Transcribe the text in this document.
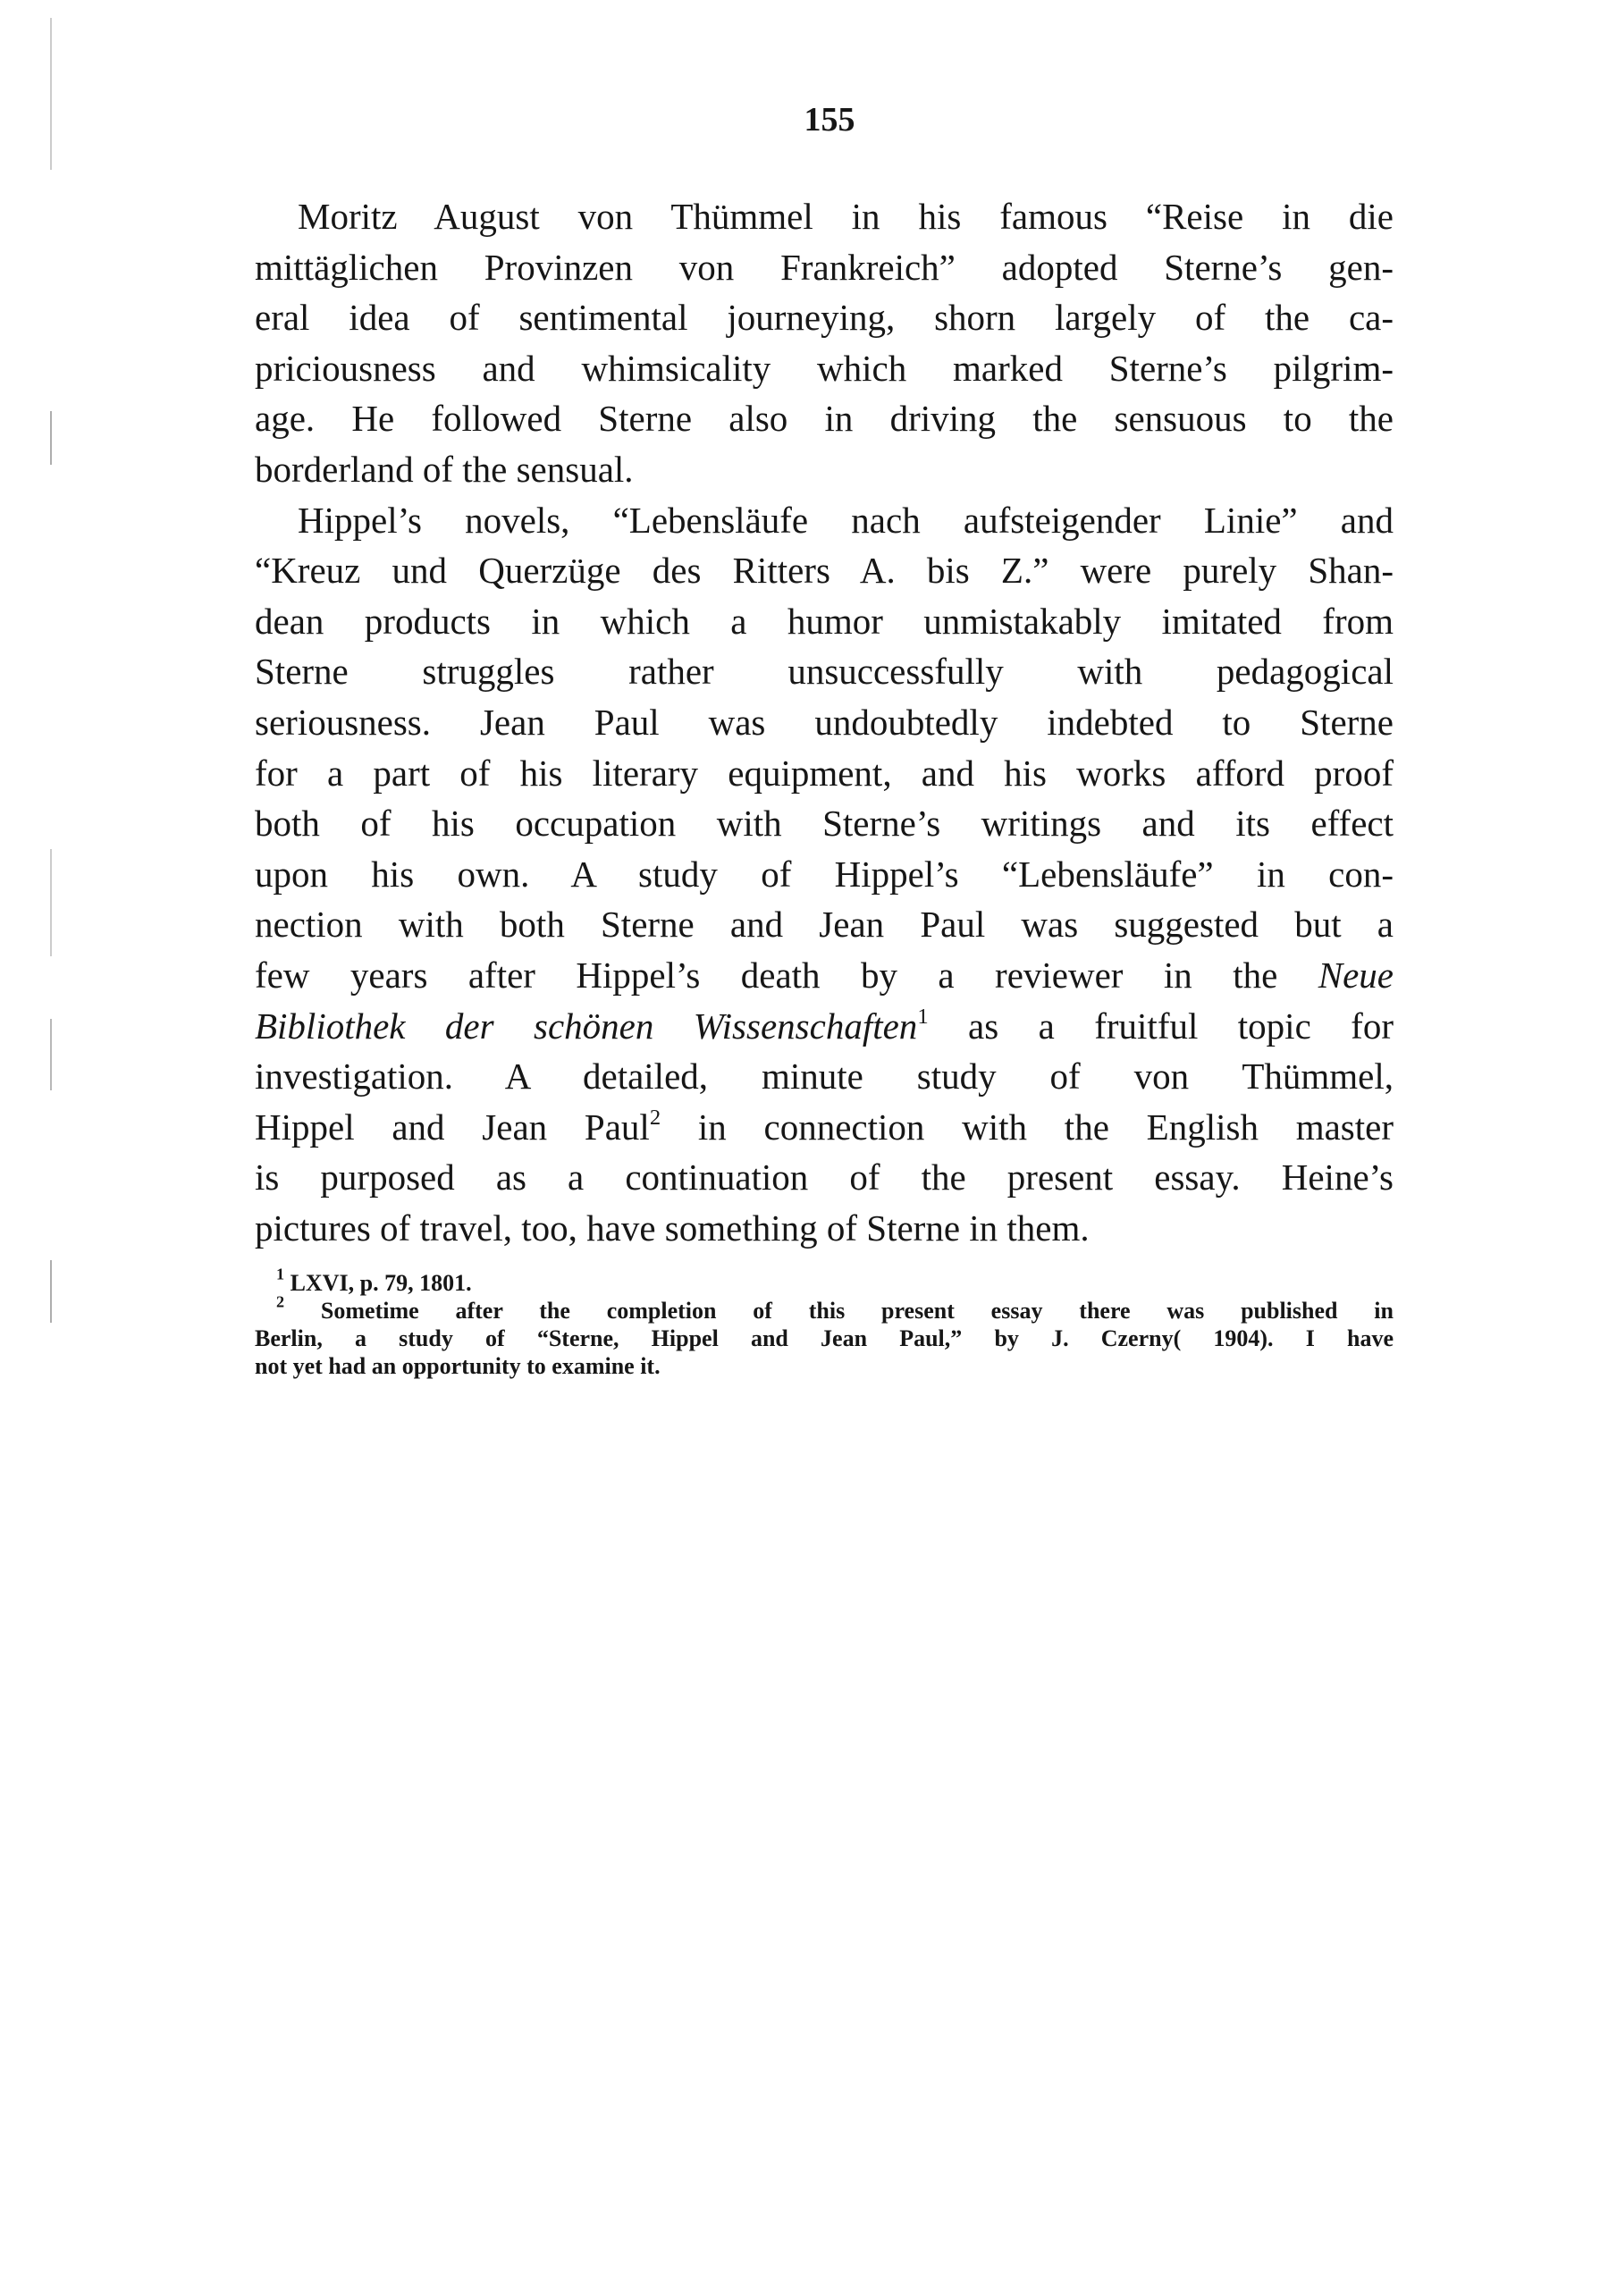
155
Moritz August von Thümmel in his famous “Reise in die
mittäglichen Provinzen von Frankreich” adopted Sterne’s gen-
eral idea of sentimental journeying, shorn largely of the ca-
priciousness and whimsicality which marked Sterne’s pilgrim-
age. He followed Sterne also in driving the sensuous to the
borderland of the sensual.
Hippel’s novels, “Lebensläufe nach aufsteigender Linie” and
“Kreuz und Querzüge des Ritters A. bis Z.” were purely Shan-
dean products in which a humor unmistakably imitated from
Sterne struggles rather unsuccessfully with pedagogical
seriousness. Jean Paul was undoubtedly indebted to Sterne
for a part of his literary equipment, and his works afford proof
both of his occupation with Sterne’s writings and its effect
upon his own. A study of Hippel’s “Lebensläufe” in con-
nection with both Sterne and Jean Paul was suggested but a
few years after Hippel’s death by a reviewer in the Neue
Bibliothek der schönen Wissenschaften$^1$ as a fruitful topic for
investigation. A detailed, minute study of von Thümmel,
Hippel and Jean Paul$^2$ in connection with the English master
is purposed as a continuation of the present essay. Heine’s
pictures of travel, too, have something of Sterne in them.
$^1$ LXVI, p. 79, 1801.
$^2$ Sometime after the completion of this present essay there was published in
Berlin, a study of “Sterne, Hippel and Jean Paul,” by J. Czerny( 1904). I have
not yet had an opportunity to examine it.
